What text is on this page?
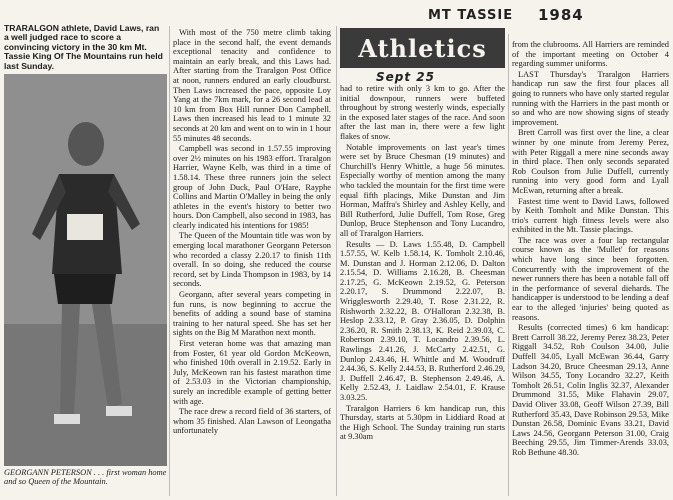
MT TASSIE 1984
Sept 25
TRARALGON athlete, David Laws, ran a well judged race to score a convincing victory in the 30 km Mt. Tassie King Of The Mountains run held last Sunday.
GEORGANN PETERSON . . . first woman home and so Queen of the Mountain.

With most of the 750 metre climb taking place in the second half, the event demands exceptional tenacity and confidence to maintain an early break, and this Laws had. After starting from the Traralgon Post Office at noon, runners endured an early cloudburst. Then Laws increased the pace, opposite Loy Yang at the 7km mark, for a 26 second lead at 10 km from Box Hill runner Don Campbell. Laws then increased his lead to 1 minute 32 seconds at 20 km and went on to win in 1 hour 55 minutes 48 seconds.

Campbell was second in 1.57.55 improving over 2½ minutes on his 1983 effort. Traralgon Harrier, Wayne Kelb, was third in a time of 1.58.14. These three runners join the select group of John Duck, Paul O'Hare, Rayphe Collins and Martin O'Malley in being the only athletes in the event's history to better two hours. Don Campbell, also second in 1983, has clearly indicated his intentions for 1985!

The Queen of the Mountain title was won by emerging local marathoner Georgann Peterson who recorded a classy 2.20.17 to finish 11th overall. In so doing, she reduced the course record, set by Linda Thompson in 1983, by 14 seconds.

Georgann, after several years competing in fun runs, is now beginning to accrue the benefits of adding a sound base of stamina training to her natural speed. She has set her sights on the Big M Marathon next month.

First veteran home was that amazing man from Foster, 61 year old Gordon McKeown, who finished 10th overall in 2.19.52. Early in July, McKeown ran his fastest marathon time of 2.53.03 in the Victorian championship, surely an incredible example of getting better with age.

The race drew a record field of 36 starters, of whom 35 finished. Alan Lawson of Leongatha unfortunately

Athletics

had to retire with only 3 km to go. After the initial downpour, runners were buffeted throughout by strong westerly winds, especially in the exposed later stages of the race. And soon after the last man in, there were a few light flakes of snow.

Notable improvements on last year's times were set by Bruce Chesman (19 minutes) and Churchill's Henry Whittle, a huge 56 minutes. Especially worthy of mention among the many who tackled the mountain for the first time were equal fifth placings, Mike Dunstan and Jim Horman, Maffra's Shirley and Ashley Kelly, and Bill Rutherford, Julie Duffell, Tom Rose, Greg Dunlop, Bruce Stephenson and Tony Lucandro, all of Traralgon Harriers.

Results — D. Laws 1.55.48, D. Campbell 1.57.55, W. Kelb 1.58.14, K. Tomholt 2.10.46, M. Dunstan and J. Horman 2.12.06, D. Dalton 2.15.54, D. Williams 2.16.28, B. Cheesman 2.17.25, G. McKeown 2.19.52, G. Peterson 2.20.17, S. Drummond 2.22.07, B. Wrigglesworth 2.29.40, T. Rose 2.31.22, R. Rishworth 2.32.22, B. O'Halloran 2.32.38, B. Heslop 2.33.12, P. Gray 2.36.05, D. Dolphin 2.36.20, R. Smith 2.38.13, K. Reid 2.39.03, C. Robertson 2.39.10, T. Locandro 2.39.56, L. Rawlings 2.41.26, J. McCarty 2.42.51, G. Dunlop 2.43.46, H. Whittle and M. Woodruff 2.44.36, S. Kelly 2.44.53, B. Rutherford 2.46.29, J. Duffell 2.46.47, B. Stephenson 2.49.46, A. Kelly 2.52.43, J. Laidlaw 2.54.01, F. Krause 3.03.25.

Traralgon Harriers 6 km handicap run, this Thursday, starts at 5.30pm in Liddiard Road at the High School. The Sunday training run starts at 9.30am

from the clubrooms. All Harriers are reminded of the important meeting on October 4 regarding summer uniforms.

LAST Thursday's Traralgon Harriers handicap run saw the first four places all going to runners who have only started regular running with the Harriers in the past month or so and who are now showing signs of steady improvement.

Brett Carroll was first over the line, a clear winner by one minute from Jeremy Perez, with Peter Riggall a mere nine seconds away in third place. Then only seconds separated Rob Coulson from Julie Duffell, currently running into very good form and Lyall McEwan, returning after a break.

Fastest time went to David Laws, followed by Keith Tomholt and Mike Dunstan. This trio's current high fitness levels were also exhibited in the Mt. Tassie placings.

The race was over a four lap rectangular course known as the 'Mullet' for reasons which have long since been forgotten. Concurrently with the improvement of the newer runners there has been a notable fall off in the performance of several diehards. The handicapper is understood to be lending a deaf ear to the alleged 'injuries' being quoted as reasons.

Results (corrected times) 6 km handicap: Brett Carroll 38.22, Jeremy Perez 38.23, Peter Riggall 34.52, Rob Coulson 34.00, Julie Duffell 34.05, Lyall McEwan 36.44, Garry Ladson 34.20, Bruce Cheesman 29.13, Anne Wilson 34.55, Tony Locandro 32.27, Keith Tomholt 26.51, Colin Inglis 32.37, Alexander Drummond 31.55, Mike Flahavin 29.07, David Oliver 33.08, Geoff Wilson 27.39, Bill Rutherford 35.43, Dave Robinson 29.53, Mike Dunstan 26.58, Dominic Evans 33.21, David Laws 24.56, Georgann Peterson 31.00, Craig Beeching 29.55, Jim Timmer-Arends 33.03, Rob Bethune 48.30.
